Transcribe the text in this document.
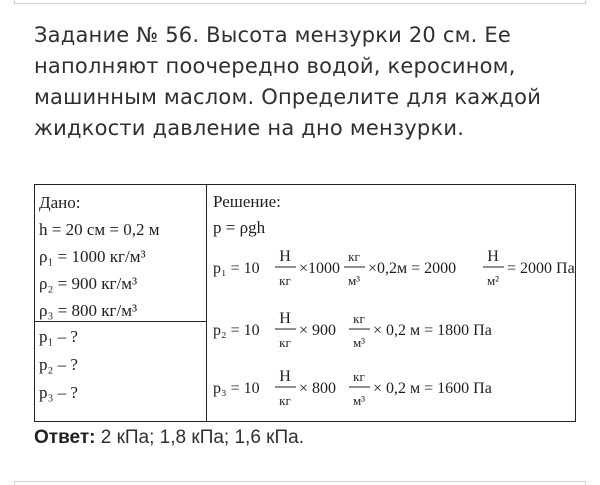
Задание № 56. Высота мензурки 20 см. Ее
наполняют поочередно водой, керосином,
машинным маслом. Определите для каждой
жидкости давление на дно мензурки.
Дано:
h = 20 см = 0,2 м
ρ₁ = 1000 кг/м³
ρ₂ = 900 кг/м³
ρ₃ = 800 кг/м³
p₁ – ?
p₂ – ?
p₃ – ?
Решение:
p = ρgh
p₁ = 10
Н
кг
×1000
кг
м³
×0,2м = 2000
Н
м²
= 2000 Па
p₂ = 10
Н
кг
× 900
кг
м³
× 0,2 м = 1800 Па
p₃ = 10
Н
кг
× 800
кг
м³
× 0,2 м = 1600 Па
Ответ: 2 кПа; 1,8 кПа; 1,6 кПа.
